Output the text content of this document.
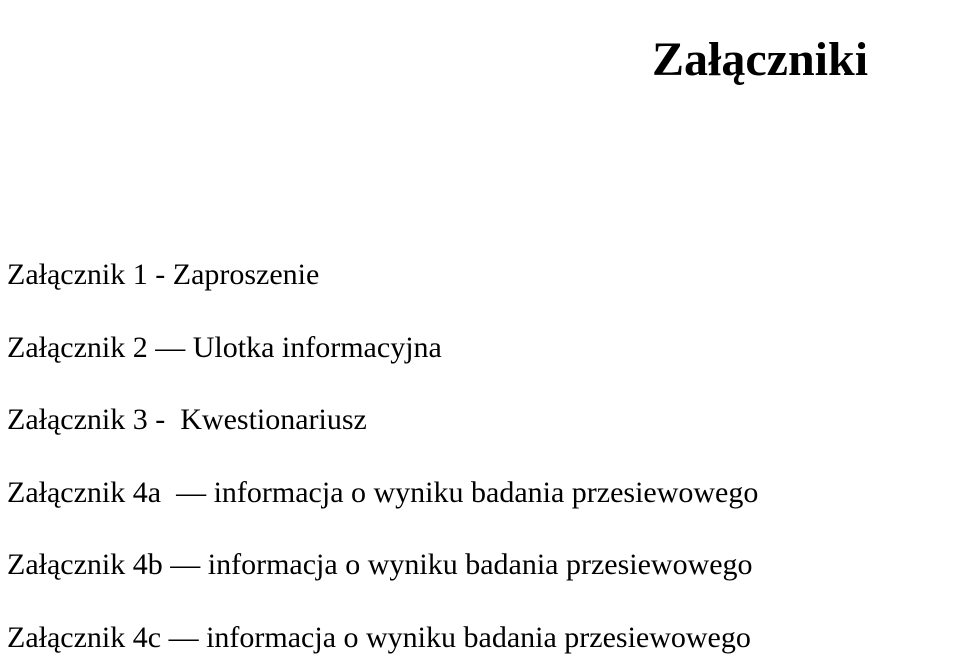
Załączniki
Załącznik 1 - Zaproszenie
Załącznik 2 — Ulotka informacyjna
Załącznik 3 -  Kwestionariusz
Załącznik 4a  — informacja o wyniku badania przesiewowego
Załącznik 4b — informacja o wyniku badania przesiewowego
Załącznik 4c — informacja o wyniku badania przesiewowego
